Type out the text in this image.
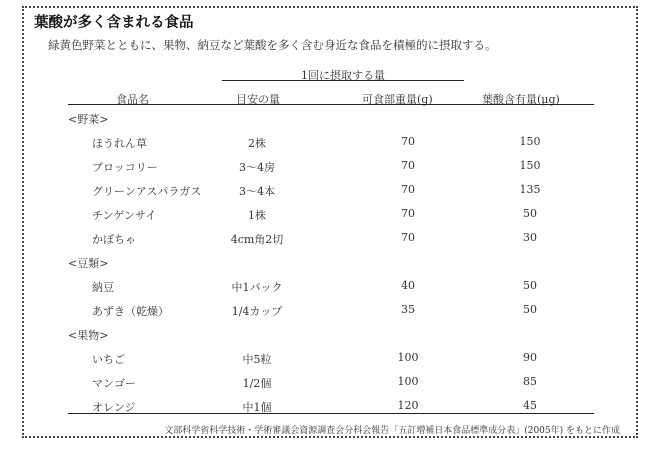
葉酸が多く含まれる食品
緑黄色野菜とともに、果物、納豆など葉酸を多く含む身近な食品を積極的に摂取する。
1回に摂取する量
食品名	目安の量	可食部重量(g)	葉酸含有量(μg)
<野菜>
ほうれん草	2株	70	150
ブロッコリー	3～4房	70	150
グリーンアスパラガス	3～4本	70	135
チンゲンサイ	1株	70	50
かぼちゃ	4cm角2切	70	30
<豆類>
納豆	中1パック	40	50
あずき（乾燥）	1/4カップ	35	50
<果物>
いちご	中5粒	100	90
マンゴー	1/2個	100	85
オレンジ	中1個	120	45
文部科学省科学技術・学術審議会資源調査会分科会報告「五訂増補日本食品標準成分表」(2005年) をもとに作成
